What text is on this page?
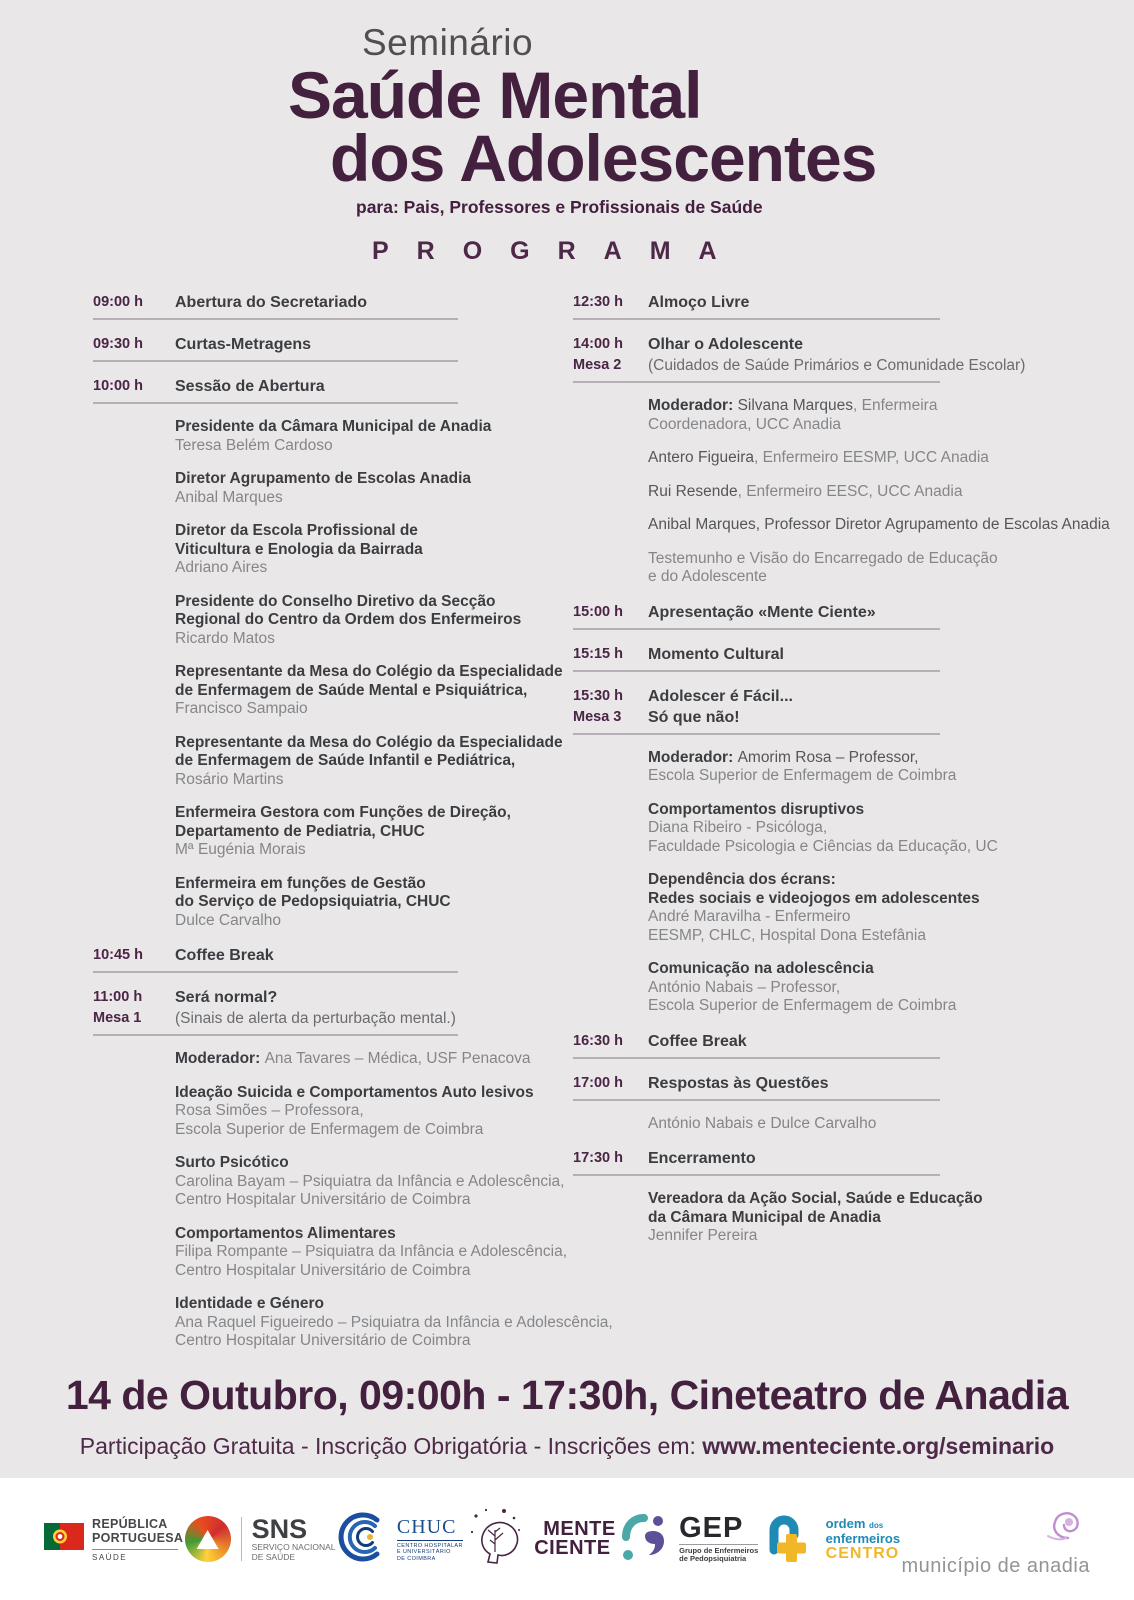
Seminário
Saúde Mental
dos Adolescentes
para: Pais, Professores e Profissionais de Saúde
PROGRAMA
09:00 h	Abertura do Secretariado
09:30 h	Curtas-Metragens
10:00 h	Sessão de Abertura

Presidente da Câmara Municipal de Anadia

Teresa Belém Cardoso

Diretor Agrupamento de Escolas Anadia

Anibal Marques

Diretor da Escola Profissional de

Viticultura e Enologia da Bairrada

Adriano Aires

Presidente do Conselho Diretivo da Secção

Regional do Centro da Ordem dos Enfermeiros

Ricardo Matos

Representante da Mesa do Colégio da Especialidade

de Enfermagem de Saúde Mental e Psiquiátrica,

Francisco Sampaio

Representante da Mesa do Colégio da Especialidade

de Enfermagem de Saúde Infantil e Pediátrica,

Rosário Martins

Enfermeira Gestora com Funções de Direção,

Departamento de Pediatria, CHUC

Mª Eugénia Morais

Enfermeira em funções de Gestão

do Serviço de Pedopsiquiatria, CHUC

Dulce Carvalho

10:45 h	Coffee Break
11:00 h	Será normal?
Mesa 1	(Sinais de alerta da perturbação mental.)

Moderador: Ana Tavares – Médica, USF Penacova

Ideação Suicida e Comportamentos Auto lesivos

Rosa Simões – Professora,

Escola Superior de Enfermagem de Coimbra

Surto Psicótico

Carolina Bayam – Psiquiatra da Infância e Adolescência,

Centro Hospitalar Universitário de Coimbra

Comportamentos Alimentares

Filipa Rompante – Psiquiatra da Infância e Adolescência,

Centro Hospitalar Universitário de Coimbra

Identidade e Género

Ana Raquel Figueiredo – Psiquiatra da Infância e Adolescência,

Centro Hospitalar Universitário de Coimbra

12:30 h	Almoço Livre
14:00 h	Olhar o Adolescente
Mesa 2	(Cuidados de Saúde Primários e Comunidade Escolar)

Moderador: Silvana Marques, Enfermeira

Coordenadora, UCC Anadia

Antero Figueira, Enfermeiro EESMP, UCC Anadia

Rui Resende, Enfermeiro EESC, UCC Anadia

Anibal Marques, Professor Diretor Agrupamento de Escolas Anadia

Testemunho e Visão do Encarregado de Educação

e do Adolescente

15:00 h	Apresentação «Mente Ciente»
15:15 h	Momento Cultural
15:30 h	Adolescer é Fácil...
Mesa 3	Só que não!

Moderador: Amorim Rosa – Professor,

Escola Superior de Enfermagem de Coimbra

Comportamentos disruptivos

Diana Ribeiro - Psicóloga,

Faculdade Psicologia e Ciências da Educação, UC

Dependência dos écrans:

Redes sociais e videojogos em adolescentes

André Maravilha - Enfermeiro

EESMP, CHLC, Hospital Dona Estefânia

Comunicação na adolescência

António Nabais – Professor,

Escola Superior de Enfermagem de Coimbra

16:30 h	Coffee Break
17:00 h	Respostas às Questões

António Nabais e Dulce Carvalho

17:30 h	Encerramento

Vereadora da Ação Social, Saúde e Educação

da Câmara Municipal de Anadia

Jennifer Pereira

14 de Outubro, 09:00h - 17:30h, Cineteatro de Anadia
Participação Gratuita - Inscrição Obrigatória - Inscrições em: www.menteciente.org/seminario
REPÚBLICA
PORTUGUESA
SAÚDE
SNS
SERVIÇO NACIONAL
DE SAÚDE
CHUC
CENTRO HOSPITALAR
E UNIVERSITÁRIO
DE COIMBRA
MENTE
CIENTE
GEP
Grupo de Enfermeiros
de Pedopsiquiatria
ordem dos
enfermeiros
CENTRO
município de anadia
